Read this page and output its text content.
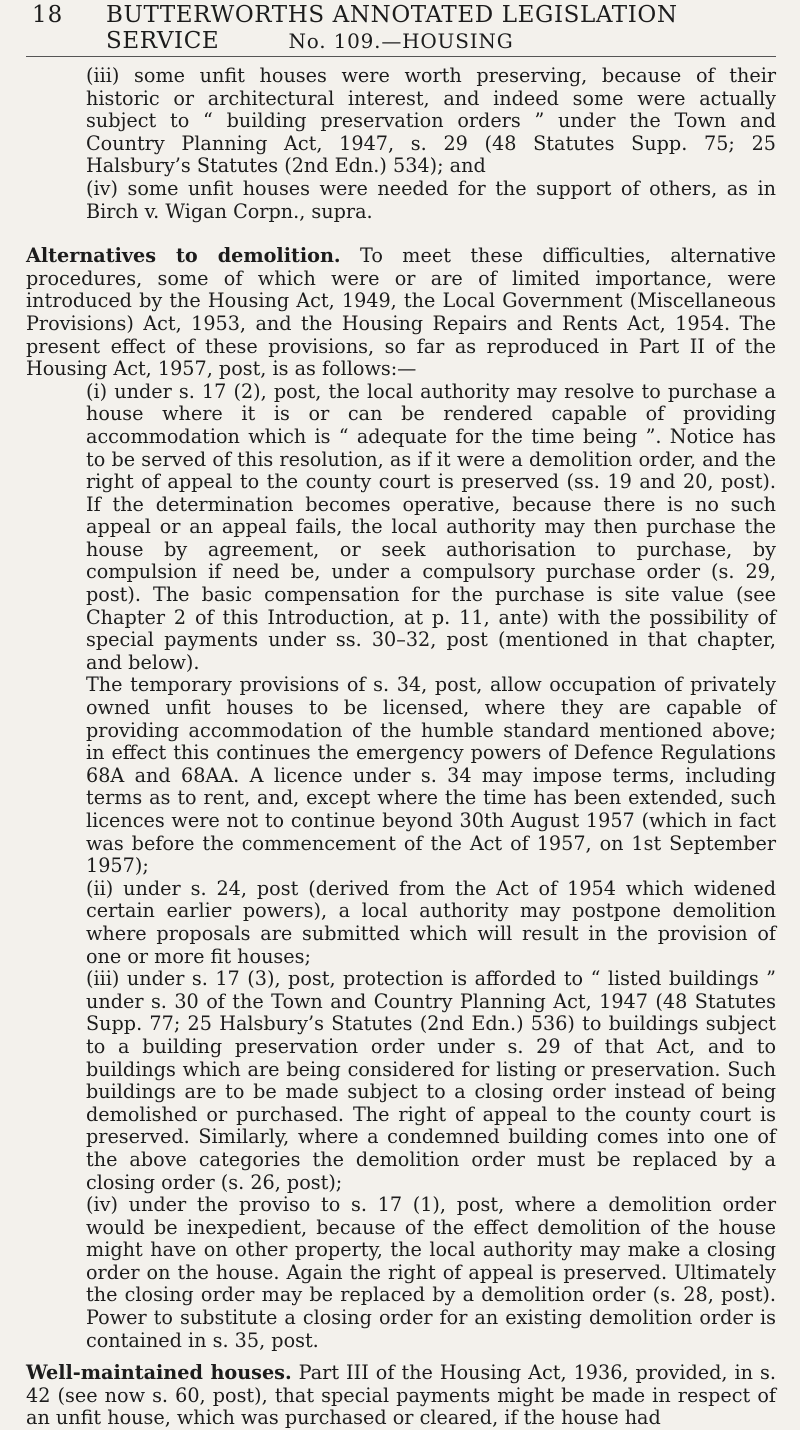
18 BUTTERWORTHS ANNOTATED LEGISLATION SERVICE	No. 109.—HOUSING

(iii) some unfit houses were worth preserving, because of their historic or architectural interest, and indeed some were actually subject to “ building preservation orders ” under the Town and Country Planning Act, 1947, s. 29 (48 Statutes Supp. 75; 25 Halsbury’s Statutes (2nd Edn.) 534); and

(iv) some unfit houses were needed for the support of others, as in Birch v. Wigan Corpn., supra.

Alternatives to demolition. To meet these difficulties, alternative procedures, some of which were or are of limited importance, were introduced by the Housing Act, 1949, the Local Government (Miscellaneous Provisions) Act, 1953, and the Housing Repairs and Rents Act, 1954. The present effect of these provisions, so far as reproduced in Part II of the Housing Act, 1957, post, is as follows:—

(i) under s. 17 (2), post, the local authority may resolve to purchase a house where it is or can be rendered capable of providing accommodation which is “ adequate for the time being ”. Notice has to be served of this resolution, as if it were a demolition order, and the right of appeal to the county court is preserved (ss. 19 and 20, post). If the determination becomes operative, because there is no such appeal or an appeal fails, the local authority may then purchase the house by agreement, or seek authorisation to purchase, by compulsion if need be, under a compulsory purchase order (s. 29, post). The basic compensation for the purchase is site value (see Chapter 2 of this Introduction, at p. 11, ante) with the possibility of special payments under ss. 30–32, post (mentioned in that chapter, and below).

The temporary provisions of s. 34, post, allow occupation of privately owned unfit houses to be licensed, where they are capable of providing accommodation of the humble standard mentioned above; in effect this continues the emergency powers of Defence Regulations 68A and 68AA. A licence under s. 34 may impose terms, including terms as to rent, and, except where the time has been extended, such licences were not to continue beyond 30th August 1957 (which in fact was before the commencement of the Act of 1957, on 1st September 1957);

(ii) under s. 24, post (derived from the Act of 1954 which widened certain earlier powers), a local authority may postpone demolition where proposals are submitted which will result in the provision of one or more fit houses;

(iii) under s. 17 (3), post, protection is afforded to “ listed buildings ” under s. 30 of the Town and Country Planning Act, 1947 (48 Statutes Supp. 77; 25 Halsbury’s Statutes (2nd Edn.) 536) to buildings subject to a building preservation order under s. 29 of that Act, and to buildings which are being considered for listing or preservation. Such buildings are to be made subject to a closing order instead of being demolished or purchased. The right of appeal to the county court is preserved. Similarly, where a condemned building comes into one of the above categories the demolition order must be replaced by a closing order (s. 26, post);

(iv) under the proviso to s. 17 (1), post, where a demolition order would be inexpedient, because of the effect demolition of the house might have on other property, the local authority may make a closing order on the house. Again the right of appeal is preserved. Ultimately the closing order may be replaced by a demolition order (s. 28, post). Power to substitute a closing order for an existing demolition order is contained in s. 35, post.

Well-maintained houses. Part III of the Housing Act, 1936, provided, in s. 42 (see now s. 60, post), that special payments might be made in respect of an unfit house, which was purchased or cleared, if the house had
